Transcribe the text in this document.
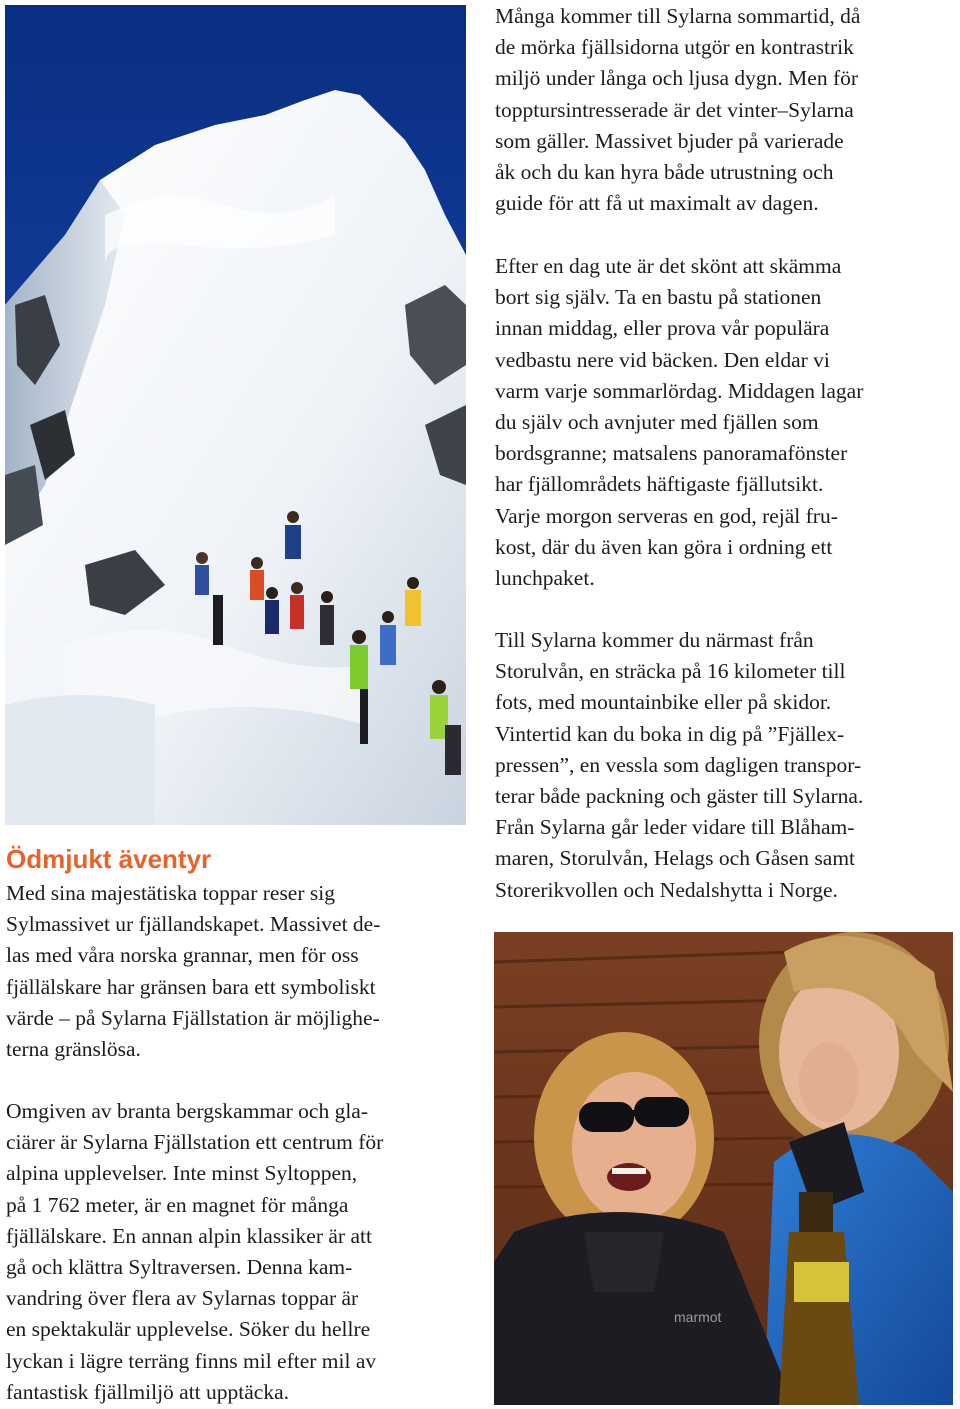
Många kommer till Sylarna sommartid, då
de mörka fjällsidorna utgör en kontrastrik
miljö under långa och ljusa dygn. Men för
topptursintresserade är det vinter–Sylarna
som gäller. Massivet bjuder på varierade
åk och du kan hyra både utrustning och
guide för att få ut maximalt av dagen.

Efter en dag ute är det skönt att skämma
bort sig själv. Ta en bastu på stationen
innan middag, eller prova vår populära
vedbastu nere vid bäcken. Den eldar vi
varm varje sommarlördag. Middagen lagar
du själv och avnjuter med fjällen som
bordsgranne; matsalens panoramafönster
har fjällområdets häftigaste fjällutsikt.
Varje morgon serveras en god, rejäl fru-
kost, där du även kan göra i ordning ett
lunchpaket.

Till Sylarna kommer du närmast från
Storulvån, en sträcka på 16 kilometer till
fots, med mountainbike eller på skidor.
Vintertid kan du boka in dig på ”Fjällex-
pressen”, en vessla som dagligen transpor-
terar både packning och gäster till Sylarna.
Från Sylarna går leder vidare till Blåham-
maren, Storulvån, Helags och Gåsen samt
Storerikvollen och Nedalshytta i Norge.

Ödmjukt äventyr

Med sina majestätiska toppar reser sig
Sylmassivet ur fjällandskapet. Massivet de-
las med våra norska grannar, men för oss
fjällälskare har gränsen bara ett symboliskt
värde – på Sylarna Fjällstation är möjlighe-
terna gränslösa.

Omgiven av branta bergskammar och gla-
ciärer är Sylarna Fjällstation ett centrum för
alpina upplevelser. Inte minst Syltoppen,
på 1 762 meter, är en magnet för många
fjällälskare. En annan alpin klassiker är att
gå och klättra Syltraversen. Denna kam-
vandring över flera av Sylarnas toppar är
en spektakulär upplevelse. Söker du hellre
lyckan i lägre terräng finns mil efter mil av
fantastisk fjällmiljö att upptäcka.

marmot
